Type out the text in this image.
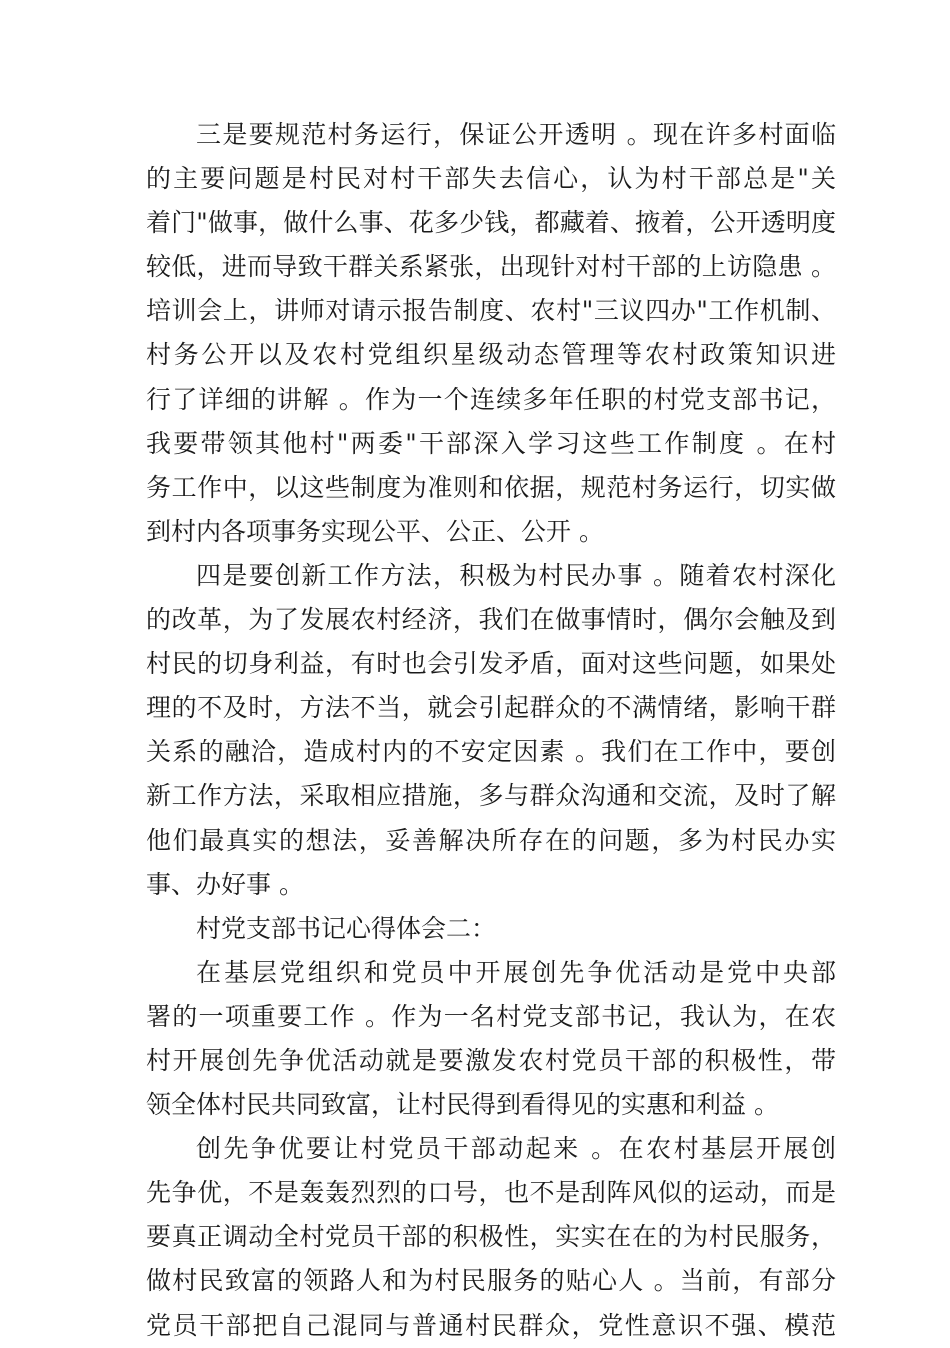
三是要规范村务运行，保证公开透明 。现在许多村面临
的主要问题是村民对村干部失去信心，认为村干部总是"关
着门"做事，做什么事、花多少钱，都藏着、掖着，公开透明度
较低，进而导致干群关系紧张，出现针对村干部的上访隐患 。
培训会上，讲师对请示报告制度、农村"三议四办"工作机制、
村务公开以及农村党组织星级动态管理等农村政策知识进
行了详细的讲解 。作为一个连续多年任职的村党支部书记，
我要带领其他村"两委"干部深入学习这些工作制度 。在村
务工作中，以这些制度为准则和依据，规范村务运行，切实做
到村内各项事务实现公平、公正、公开 。
四是要创新工作方法，积极为村民办事 。随着农村深化
的改革，为了发展农村经济，我们在做事情时，偶尔会触及到
村民的切身利益，有时也会引发矛盾，面对这些问题，如果处
理的不及时，方法不当，就会引起群众的不满情绪，影响干群
关系的融洽，造成村内的不安定因素 。我们在工作中，要创
新工作方法，采取相应措施，多与群众沟通和交流，及时了解
他们最真实的想法，妥善解决所存在的问题，多为村民办实
事、办好事 。
村党支部书记心得体会二：
在基层党组织和党员中开展创先争优活动是党中央部
署的一项重要工作 。作为一名村党支部书记，我认为，在农
村开展创先争优活动就是要激发农村党员干部的积极性，带
领全体村民共同致富，让村民得到看得见的实惠和利益 。
创先争优要让村党员干部动起来 。在农村基层开展创
先争优，不是轰轰烈烈的口号，也不是刮阵风似的运动，而是
要真正调动全村党员干部的积极性，实实在在的为村民服务，
做村民致富的领路人和为村民服务的贴心人 。当前，有部分
党员干部把自己混同与普通村民群众，党性意识不强、模范
